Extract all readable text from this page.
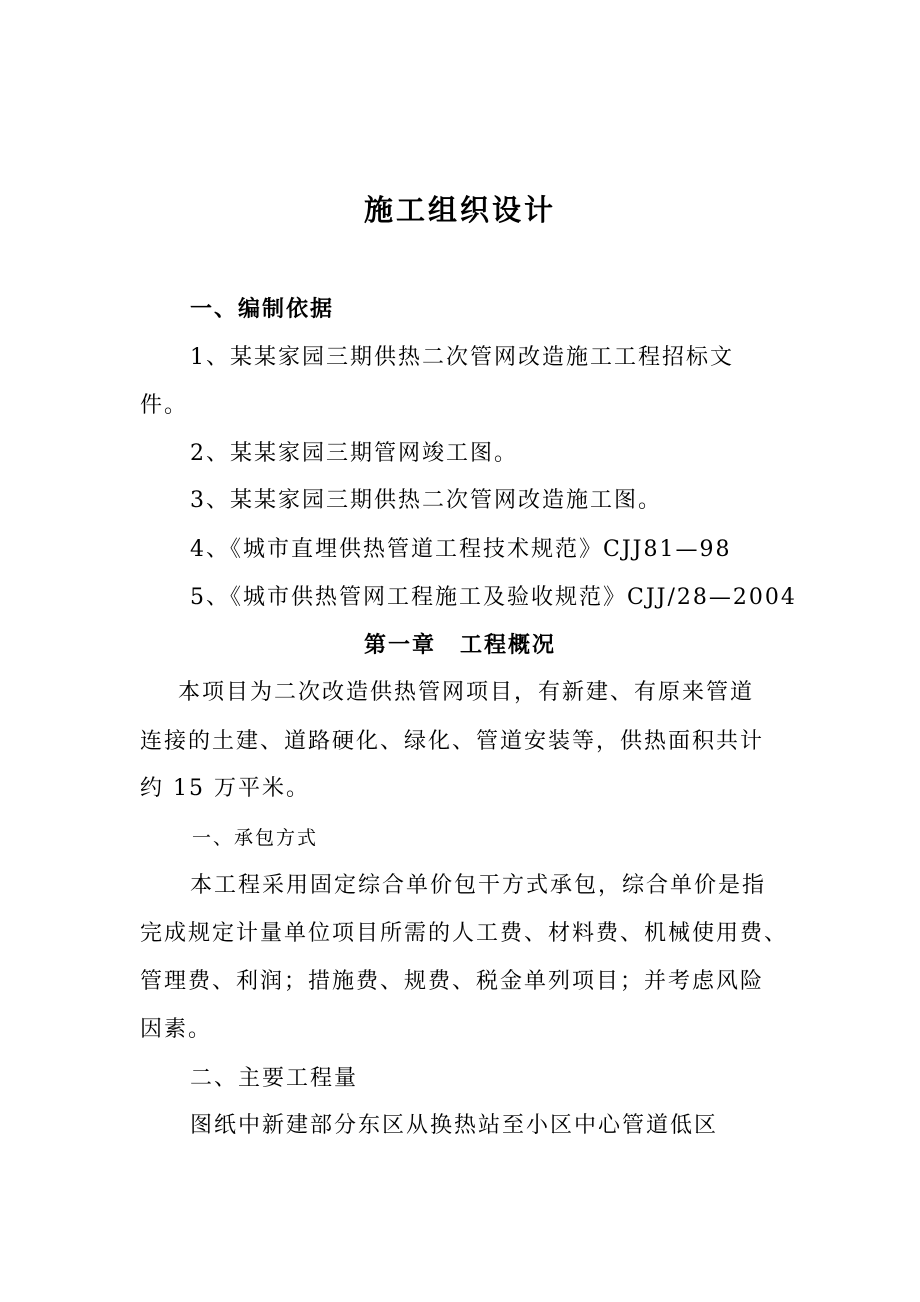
施工组织设计
一、编制依据
1、某某家园三期供热二次管网改造施工工程招标文
件。
2、某某家园三期管网竣工图。
3、某某家园三期供热二次管网改造施工图。
4、《城市直埋供热管道工程技术规范》CJJ81—98
5、《城市供热管网工程施工及验收规范》CJJ/28—2004
第一章 工程概况
本项目为二次改造供热管网项目，有新建、有原来管道
连接的土建、道路硬化、绿化、管道安装等，供热面积共计
约 15 万平米。
一、承包方式
本工程采用固定综合单价包干方式承包，综合单价是指
完成规定计量单位项目所需的人工费、材料费、机械使用费、
管理费、利润；措施费、规费、税金单列项目；并考虑风险
因素。
二、主要工程量
图纸中新建部分东区从换热站至小区中心管道低区
